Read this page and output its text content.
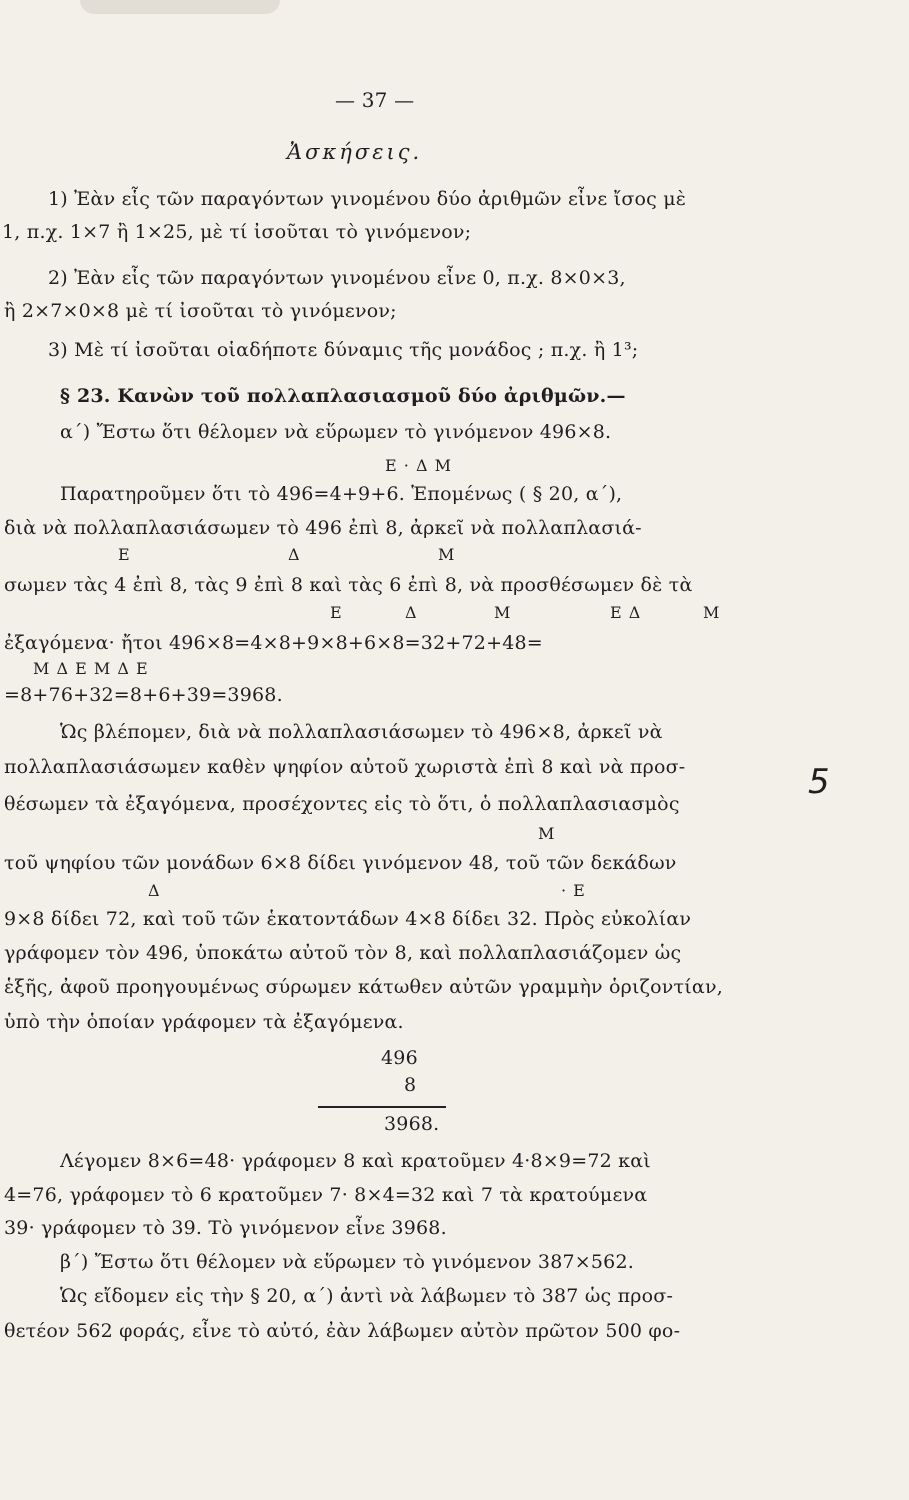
— 37 —
Ἀσκήσεις.
1) Ἐὰν εἷς τῶν παραγόντων γινομένου δύο ἀριθμῶν εἶνε ἴσος μὲ
1, π.χ. 1×7 ἢ 1×25, μὲ τί ἰσοῦται τὸ γινόμενον;
2) Ἐὰν εἷς τῶν παραγόντων γινομένου εἶνε 0, π.χ. 8×0×3,
ἢ 2×7×0×8 μὲ τί ἰσοῦται τὸ γινόμενον;
3) Μὲ τί ἰσοῦται οἱαδήποτε δύναμις τῆς μονάδος ; π.χ. ἢ 1³;
§ 23. Κανὼν τοῦ πολλαπλασιασμοῦ δύο ἀριθμῶν.—
α΄) Ἔστω ὅτι θέλομεν νὰ εὕρωμεν τὸ γινόμενον 496×8.
Ε · Δ Μ
Παρατηροῦμεν ὅτι τὸ 496=4+9+6. Ἑπομένως ( § 20, α΄),
διὰ νὰ πολλαπλασιάσωμεν τὸ 496 ἐπὶ 8, ἀρκεῖ νὰ πολλαπλασιά-
Ε	Δ	Μ
σωμεν τὰς 4 ἐπὶ 8, τὰς 9 ἐπὶ 8 καὶ τὰς 6 ἐπὶ 8, νὰ προσθέσωμεν δὲ τὰ
Ε	Δ	Μ	Ε Δ	Μ
ἐξαγόμενα· ἤτοι 496×8=4×8+9×8+6×8=32+72+48=
Μ Δ Ε Μ Δ Ε
=8+76+32=8+6+39=3968.
Ὡς βλέπομεν, διὰ νὰ πολλαπλασιάσωμεν τὸ 496×8, ἀρκεῖ νὰ
πολλαπλασιάσωμεν καθὲν ψηφίον αὐτοῦ χωριστὰ ἐπὶ 8 καὶ νὰ προσ-
θέσωμεν τὰ ἐξαγόμενα, προσέχοντες εἰς τὸ ὅτι, ὁ πολλαπλασιασμὸς
Μ
τοῦ ψηφίου τῶν μονάδων 6×8 δίδει γινόμενον 48, τοῦ τῶν δεκάδων
Δ	· Ε
9×8 δίδει 72, καὶ τοῦ τῶν ἑκατοντάδων 4×8 δίδει 32. Πρὸς εὐκολίαν
γράφομεν τὸν 496, ὑποκάτω αὐτοῦ τὸν 8, καὶ πολλαπλασιάζομεν ὡς
ἑξῆς, ἀφοῦ προηγουμένως σύρωμεν κάτωθεν αὐτῶν γραμμὴν ὁριζοντίαν,
ὑπὸ τὴν ὁποίαν γράφομεν τὰ ἐξαγόμενα.
496
8
3968.
Λέγομεν 8×6=48· γράφομεν 8 καὶ κρατοῦμεν 4·8×9=72 καὶ
4=76, γράφομεν τὸ 6 κρατοῦμεν 7· 8×4=32 καὶ 7 τὰ κρατούμενα
39· γράφομεν τὸ 39. Τὸ γινόμενον εἶνε 3968.
β΄) Ἔστω ὅτι θέλομεν νὰ εὕρωμεν τὸ γινόμενον 387×562.
Ὡς εἴδομεν εἰς τὴν § 20, α΄) ἀντὶ νὰ λάβωμεν τὸ 387 ὡς προσ-
θετέον 562 φοράς, εἶνε τὸ αὐτό, ἐὰν λάβωμεν αὐτὸν πρῶτον 500 φο-
5
